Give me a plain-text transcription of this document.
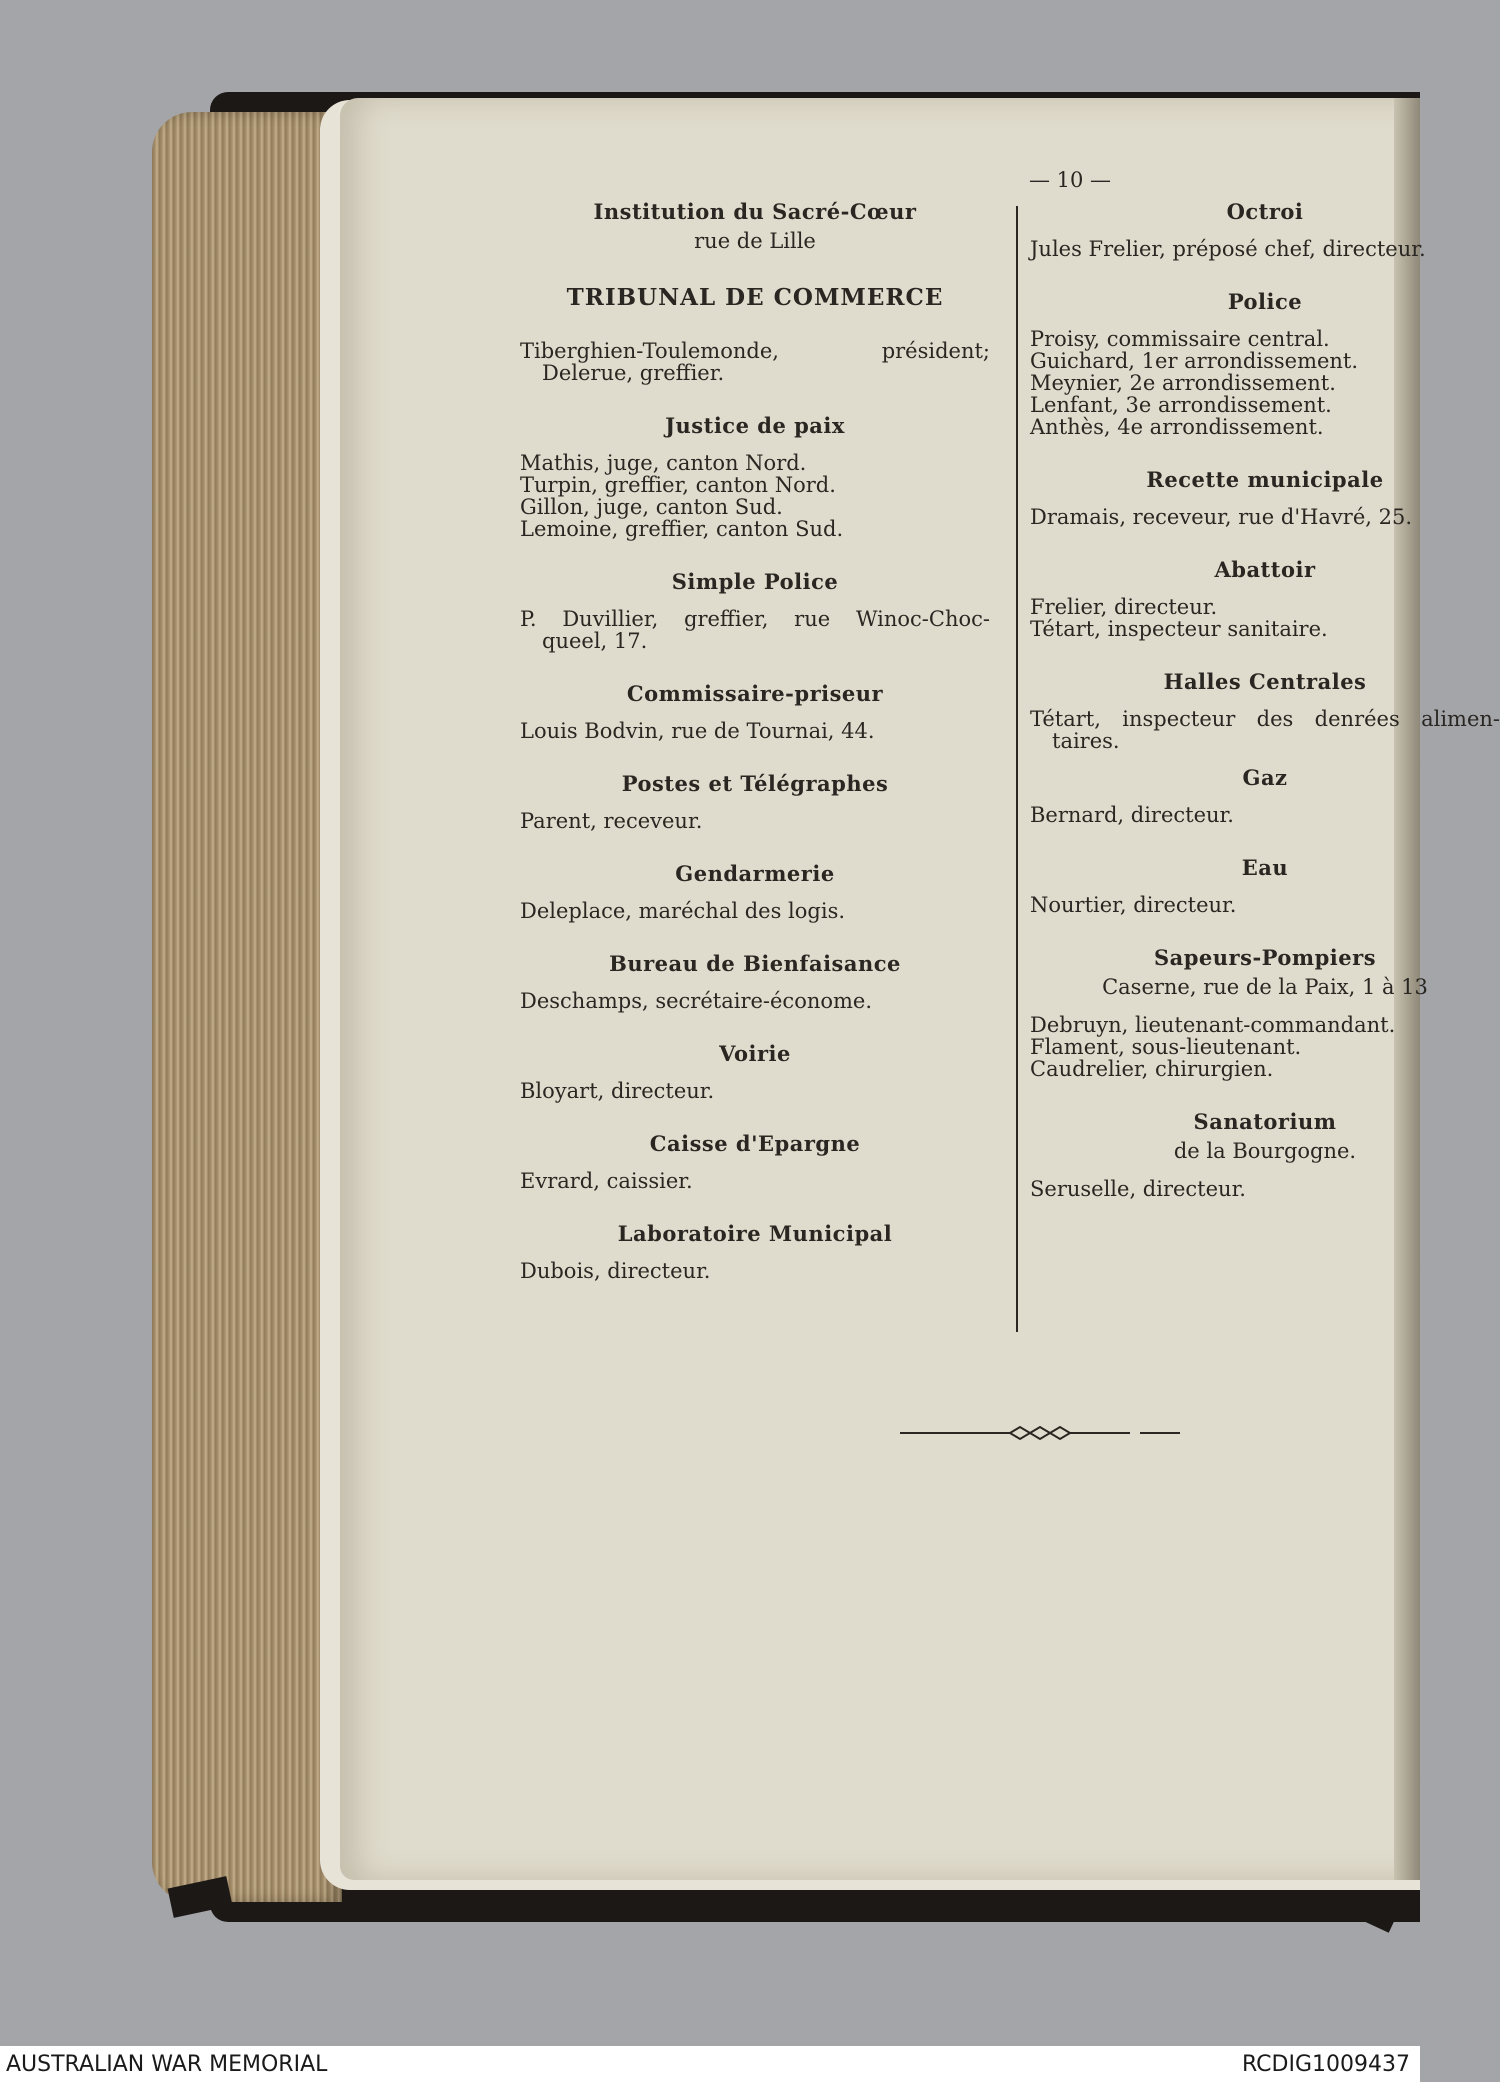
— 10 —

Institution du Sacré-Cœur

rue de Lille

TRIBUNAL DE COMMERCE

Tiberghien-Toulemonde,	président;

Delerue, greffier.

Justice de paix

Mathis, juge, canton Nord.

Turpin, greffier, canton Nord.

Gillon, juge, canton Sud.

Lemoine, greffier, canton Sud.

Simple Police

P. Duvillier, greffier, rue Winoc-Choc-

queel, 17.

Commissaire-priseur

Louis Bodvin, rue de Tournai, 44.

Postes et Télégraphes

Parent, receveur.

Gendarmerie

Deleplace, maréchal des logis.

Bureau de Bienfaisance

Deschamps, secrétaire-économe.

Voirie

Bloyart, directeur.

Caisse d'Epargne

Evrard, caissier.

Laboratoire Municipal

Dubois, directeur.

Octroi

Jules Frelier, préposé chef, directeur.

Police

Proisy, commissaire central.

Guichard, 1er arrondissement.

Meynier, 2e arrondissement.

Lenfant, 3e arrondissement.

Anthès, 4e arrondissement.

Recette municipale

Dramais, receveur, rue d'Havré, 25.

Abattoir

Frelier, directeur.

Tétart, inspecteur sanitaire.

Halles Centrales

Tétart, inspecteur des denrées alimen-

taires.

Gaz

Bernard, directeur.

Eau

Nourtier, directeur.

Sapeurs-Pompiers

Caserne, rue de la Paix, 1 à 13

Debruyn, lieutenant-commandant.

Flament, sous-lieutenant.

Caudrelier, chirurgien.

Sanatorium

de la Bourgogne.

Seruselle, directeur.

AUSTRALIAN WAR MEMORIAL	RCDIG1009437
